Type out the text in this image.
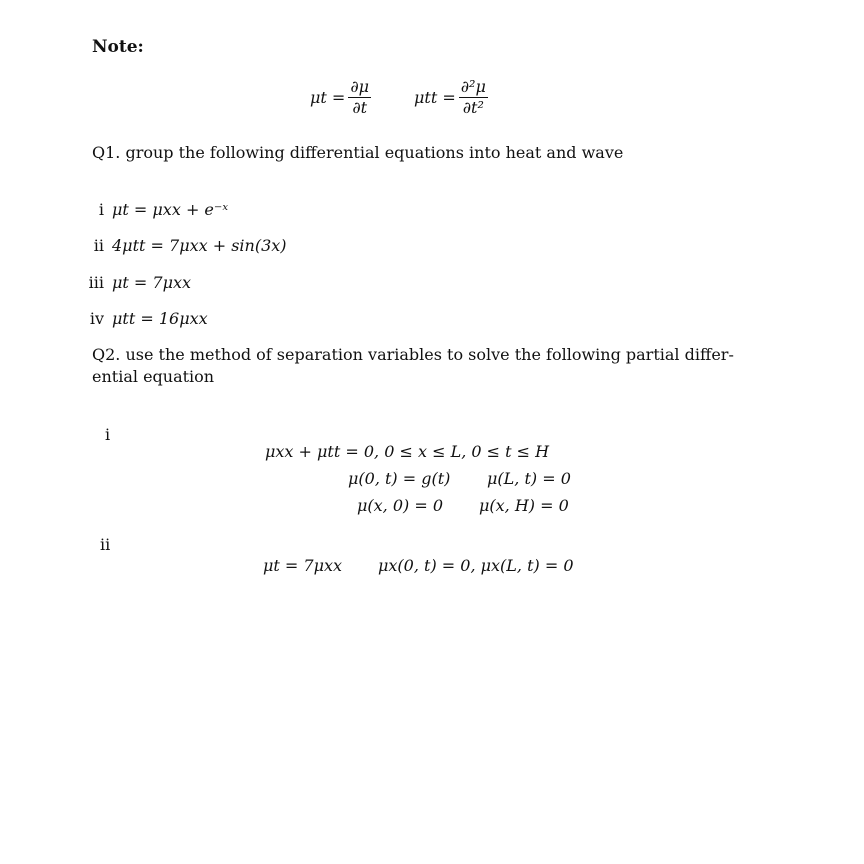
Note:
$\mu t = \frac{\partial\mu}{\partial t}$	$\mu tt = \frac{\text{∂²μ}}{\text{∂t²}}$
Q1. group the following differential equations into heat and wave
i μt = μxx + e⁻ˣ
ii 4μtt = 7μxx + sin(3x)
iii μt = 7μxx
iv μtt = 16μxx
Q2. use the method of separation variables to solve the following partial differ-
ential equation
i
μxx + μtt = 0, 0 ≤ x ≤ L, 0 ≤ t ≤ H
μ(0, t) = g(t) μ(L, t) = 0
μ(x, 0) = 0 μ(x, H) = 0
ii
μt = 7μxx μx(0, t) = 0, μx(L, t) = 0
